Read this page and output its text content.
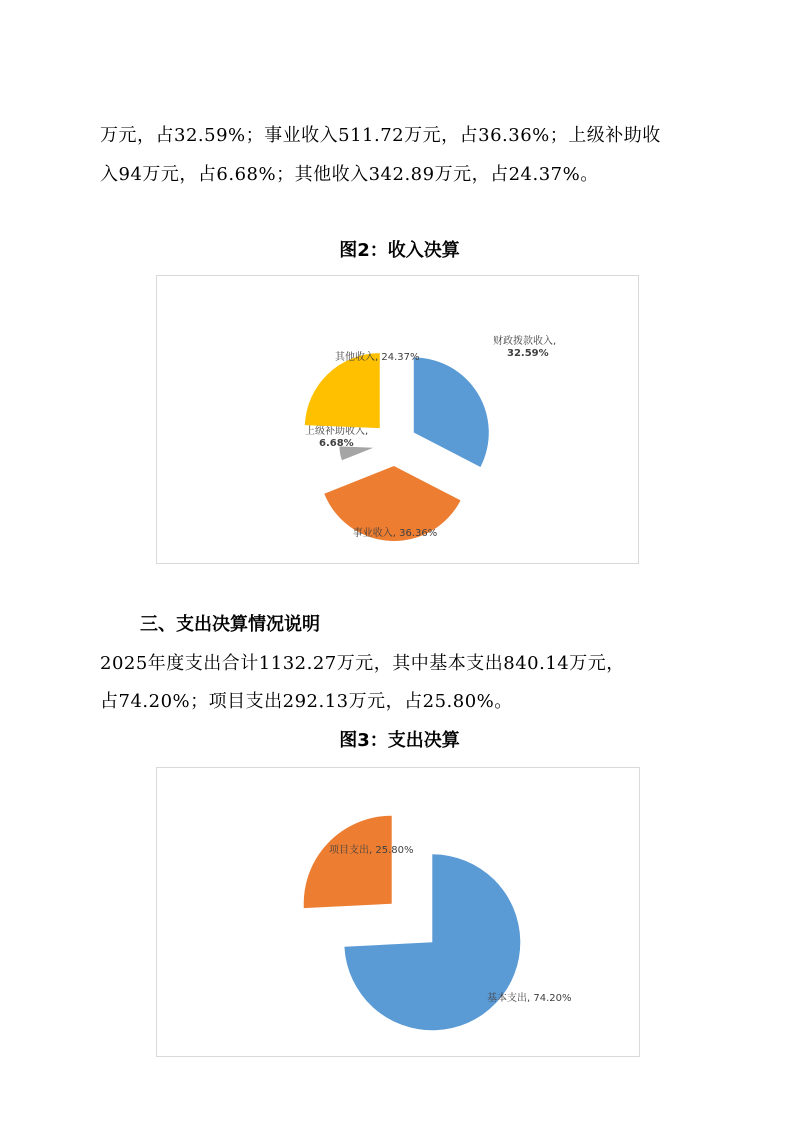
万元，占32.59%；事业收入511.72万元，占36.36%；上级补助收

入94万元，占6.68%；其他收入342.89万元，占24.37%。

图2：收入决算

财政拨款收入, 32.59%
事业收入, 36.36%
上级补助收入, 6.68%
其他收入, 24.37%

三、支出决算情况说明

2025年度支出合计1132.27万元，其中基本支出840.14万元，

占74.20%；项目支出292.13万元，占25.80%。

图3：支出决算

基本支出, 74.20%
项目支出, 25.80%
